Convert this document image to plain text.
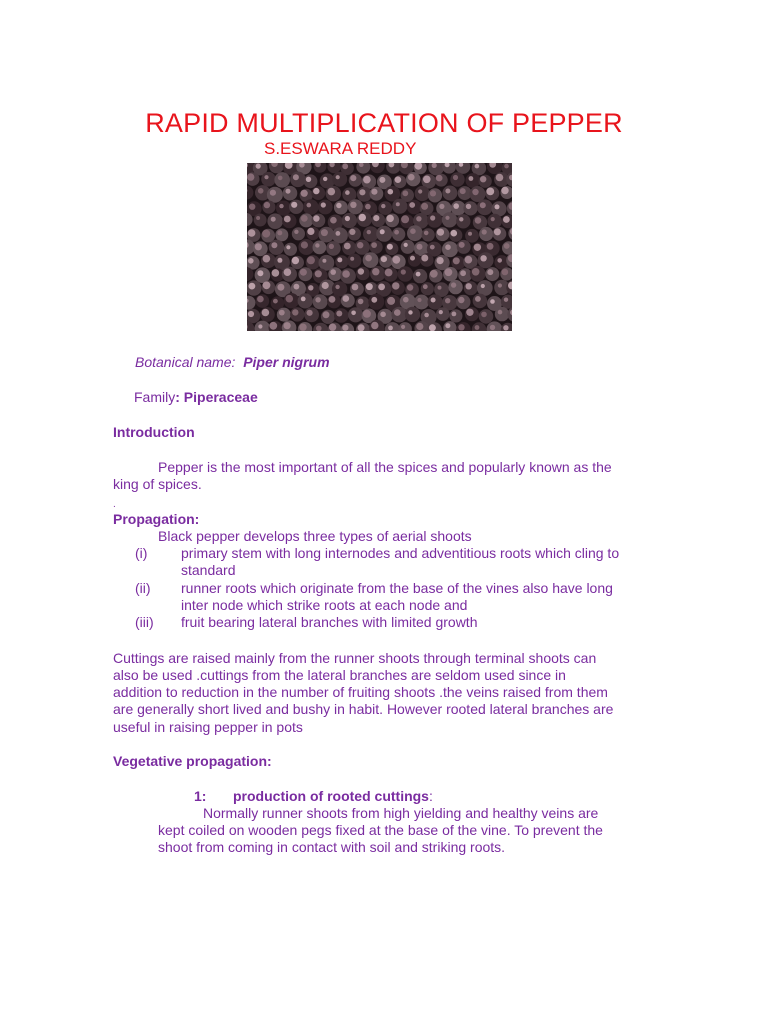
RAPID MULTIPLICATION OF PEPPER
S.ESWARA REDDY
Botanical name: Piper nigrum
Family: Piperaceae
Introduction
Pepper is the most important of all the spices and popularly known as the
king of spices.
.
Propagation:
Black pepper develops three types of aerial shoots
(i) primary stem with long internodes and adventitious roots which cling to
standard
(ii) runner roots which originate from the base of the vines also have long
inter node which strike roots at each node and
(iii) fruit bearing lateral branches with limited growth
Cuttings are raised mainly from the runner shoots through terminal shoots can
also be used .cuttings from the lateral branches are seldom used since in
addition to reduction in the number of fruiting shoots .the veins raised from them
are generally short lived and bushy in habit. However rooted lateral branches are
useful in raising pepper in pots
Vegetative propagation:
1: production of rooted cuttings:
Normally runner shoots from high yielding and healthy veins are
kept coiled on wooden pegs fixed at the base of the vine. To prevent the
shoot from coming in contact with soil and striking roots.
